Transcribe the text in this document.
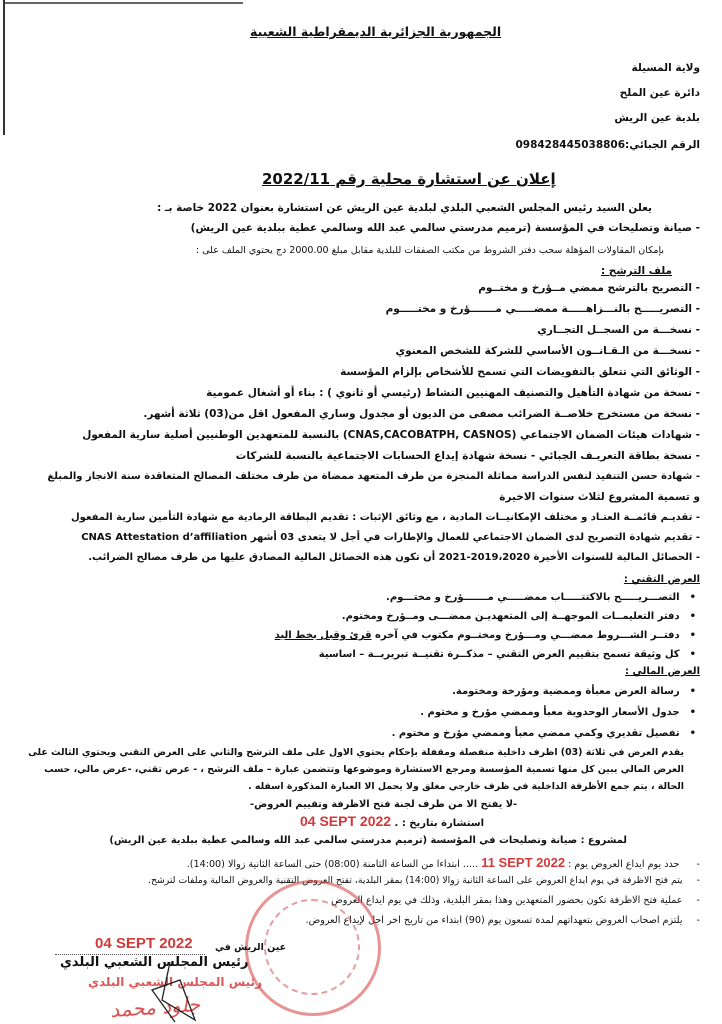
الجمهورية الجزائرية الديمقراطية الشعبية
ولاية المسيلة
دائرة عين الملح
بلدية عين الريش
الرقم الجبائي:098428445038806
إعلان عن استشارة محلية رقم 2022/11
يعلن السيد رئيس المجلس الشعبي البلدي لبلدية عين الريش عن استشارة بعنوان 2022 خاصة بـ :
- صيانة وتصليحات في المؤسسة (ترميم مدرستي سالمي عبد الله وسالمي عطية ببلدية عين الريش)
بإمكان المقاولات المؤهلة سحب دفتر الشروط من مكتب الصفقات للبلدية مقابل مبلغ 2000.00 دج يحتوي الملف على :
ملف الترشح :
- التصريح بالترشح ممضي مــؤرخ و مختــوم
- التصريـــــح بالنـــزاهـــــة ممضـــــي مـــــــؤرخ و مختـــــوم
- نسخـــة من السجــل التجــاري
- نسخـــة من الـقـانــون الأساسي للشركة للشخص المعنوي
- الوثائق التي تتعلق بالتفويضات التي تسمح للأشخاص بإلزام المؤسسة
- نسخة من شهادة التأهيل والتصنيف المهنيين النشاط (رئيسي أو ثانوي ) : بناء أو أشغال عمومية
- نسخة من مستخرج خلاصــة الضرائب مصفى من الديون أو مجدول وساري المفعول اقل من(03) ثلاثة أشهر.
- شهادات هيئات الضمان الاجتماعي (CNAS,CACOBATPH, CASNOS) بالنسبة للمتعهدين الوطنيين أصلية سارية المفعول
- نسخة بطاقة التعريـف الجبائي - نسخة شهادة إيداع الحسابات الاجتماعية بالنسبة للشركات
- شهادة حسن التنفيذ لنفس الدراسة مماثلة المنجزة من طرف المتعهد ممضاة من طرف مختلف المصالح المتعاقدة سنة الانجاز والمبلغ
و تسمية المشروع لثلاث سنوات الاخيرة
- تقديـم قائمــة العتـاد و مختلف الإمكانيــات المادية ، مع وثائق الإثبات : تقديم البطاقة الرمادية مع شهادة التأمين سارية المفعول
- تقديم شهادة التصريح لدى الضمان الاجتماعي للعمال والإطارات في أجل لا يتعدى 03 أشهر CNAS Attestation d’affiliation
- الحصائل المالية للسنوات الأخيرة 2019،2020-2021 أن تكون هذه الحصائل المالية المصادق عليها من طرف مصالح الضرائب.
العرض التقني :
• التصـــريـــــح بالاكتتـــــاب ممضـــــي مـــــــؤرخ و مختـــوم.
• دفتر التعليمــات الموجهــة إلى المتعهديـن ممضـــى ومــؤرخ ومختوم.
• دفتــر الشـــروط ممضـــي ومـــؤرخ ومختــوم مكتوب في آخره قرئ وقبل بخط اليد
• كل وثيقة تسمح بتقييم العرض التقني – مذكــرة تقنيــة تبريريــة – اساسية
العرض المالي :
• رسالة العرض معبأة وممضية ومؤرخة ومختومة.
• جدول الأسعار الوحدوية معبأ وممضي مؤرخ و مختوم .
• تفصيل تقديري وكمي ممضي معبأ وممضي مؤرخ و مختوم .
يقدم العرض في ثلاثة (03) اظرف داخلية منفصلة ومقفلة بإحكام يحتوي الاول على ملف الترشح والثاني على العرض التقني ويحتوي الثالث على
العرض المالي يبين كل منها تسمية المؤسسة ومرجع الاستشارة وموضوعها وتتضمن عبارة – ملف الترشح ، - عرض تقني، -عرض مالي، حسب
الحالة ، يتم جمع الأظرفة الداخلية في ظرف خارجي مغلق ولا يحمل الا العبارة المذكورة اسفله .
-لا يفتح الا من طرف لجنة فتح الاظرفة وتقييم العروض-
استشارة بتاريخ : . 04 SEPT 2022
لمشروع : صيانة وتصليحات في المؤسسة (ترميم مدرستي سالمي عبد الله وسالمي عطية ببلدية عين الريش)
- حدد يوم ايداع العروض يوم : 11 SEPT 2022 ..... ابتداءا من الساعة الثامنة (08:00) حتى الساعة الثانية زوالا (14:00).
- يتم فتح الاظرفة في يوم ايداع العروض على الساعة الثانية زوالا (14:00) بمقر البلدية، تفتح العروض التقنية والعروض المالية وملفات لترشح.
- عملية فتح الاظرفة تكون بحضور المتعهدين وهذا بمقر البلدية، وذلك في يوم ايداع العروض
- يلتزم اصحاب العروض بتعهداتهم لمدة تسعون يوم (90) ابتداء من تاريخ اخر اجل لإيداع العروض.
عين الريش في
04 SEPT 2022
رئيس المجلس الشعبي البلدي
رئيس المجلس الشعبي البلدي
جلود محمد
